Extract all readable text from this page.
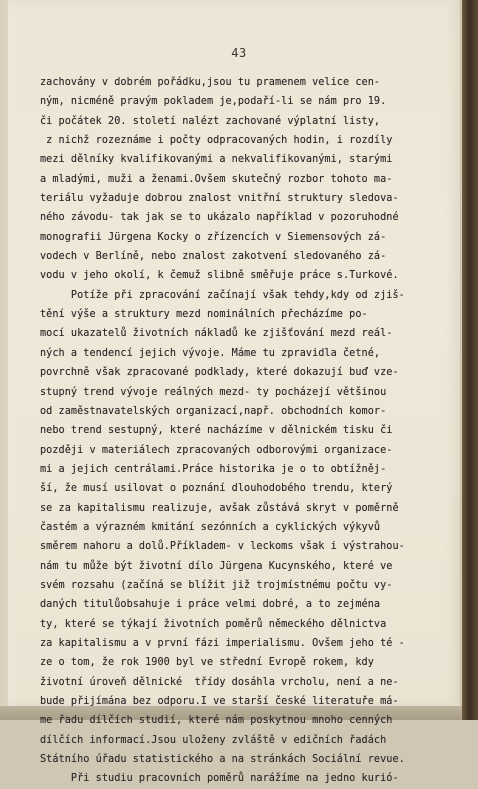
43
zachovány v dobrém pořádku,jsou tu pramenem velice cen-
ným, nicméně pravým pokladem je,podaří-li se nám pro 19.
či počátek 20. století nalézt zachované výplatní listy,
z nichž rozeznáme i počty odpracovaných hodin, i rozdíly
mezi dělníky kvalifikovanými a nekvalifikovanými, starými
a mladými, muži a ženami.Ovšem skutečný rozbor tohoto ma-
teriálu vyžaduje dobrou znalost vnitřní struktury sledova-
ného závodu- tak jak se to ukázalo například v pozoruhodné
monografii Jürgena Kocky o zřízencích v Siemensových zá-
vodech v Berlíně, nebo znalost zakotvení sledovaného zá-
vodu v jeho okolí, k čemuž slibně směřuje práce s.Turkové.
Potíže při zpracování začínají však tehdy,kdy od zjiš-
tění výše a struktury mezd nominálních přecházíme po-
mocí ukazatelů životních nákladů ke zjišťování mezd reál-
ných a tendencí jejich vývoje. Máme tu zpravidla četné,
povrchně však zpracované podklady, které dokazují buď vze-
stupný trend vývoje reálných mezd- ty pocházejí většinou
od zaměstnavatelských organizací,např. obchodních komor-
nebo trend sestupný, které nacházíme v dělnickém tisku či
později v materiálech zpracovaných odborovými organizace-
mi a jejich centrálami.Práce historika je o to obtížněj-
ší, že musí usilovat o poznání dlouhodobého trendu, který
se za kapitalismu realizuje, avšak zůstává skryt v poměrně
častém a výrazném kmitání sezónních a cyklických výkyvů
směrem nahoru a dolů.Příkladem- v leckoms však i výstrahou-
nám tu může být životní dílo Jürgena Kucynského, které ve
svém rozsahu (začíná se blížit již trojmístnému počtu vy-
daných titulůobsahuje i práce velmi dobré, a to zejména
ty, které se týkají životních poměrů německého dělnictva
za kapitalismu a v první fázi imperialismu. Ovšem jeho té -
ze o tom, že rok 1900 byl ve střední Evropě rokem, kdy
životní úroveň dělnické  třídy dosáhla vrcholu, není a ne-
bude přijímána bez odporu.I ve starší české literatuře má-
me řadu dílčích studií, které nám poskytnou mnoho cenných
dílčích informací.Jsou uloženy zvláště v edičních řadách
Státního úřadu statistického a na stránkách Sociální revue.
Při studiu pracovních poměrů narážíme na jedno kuriό-
